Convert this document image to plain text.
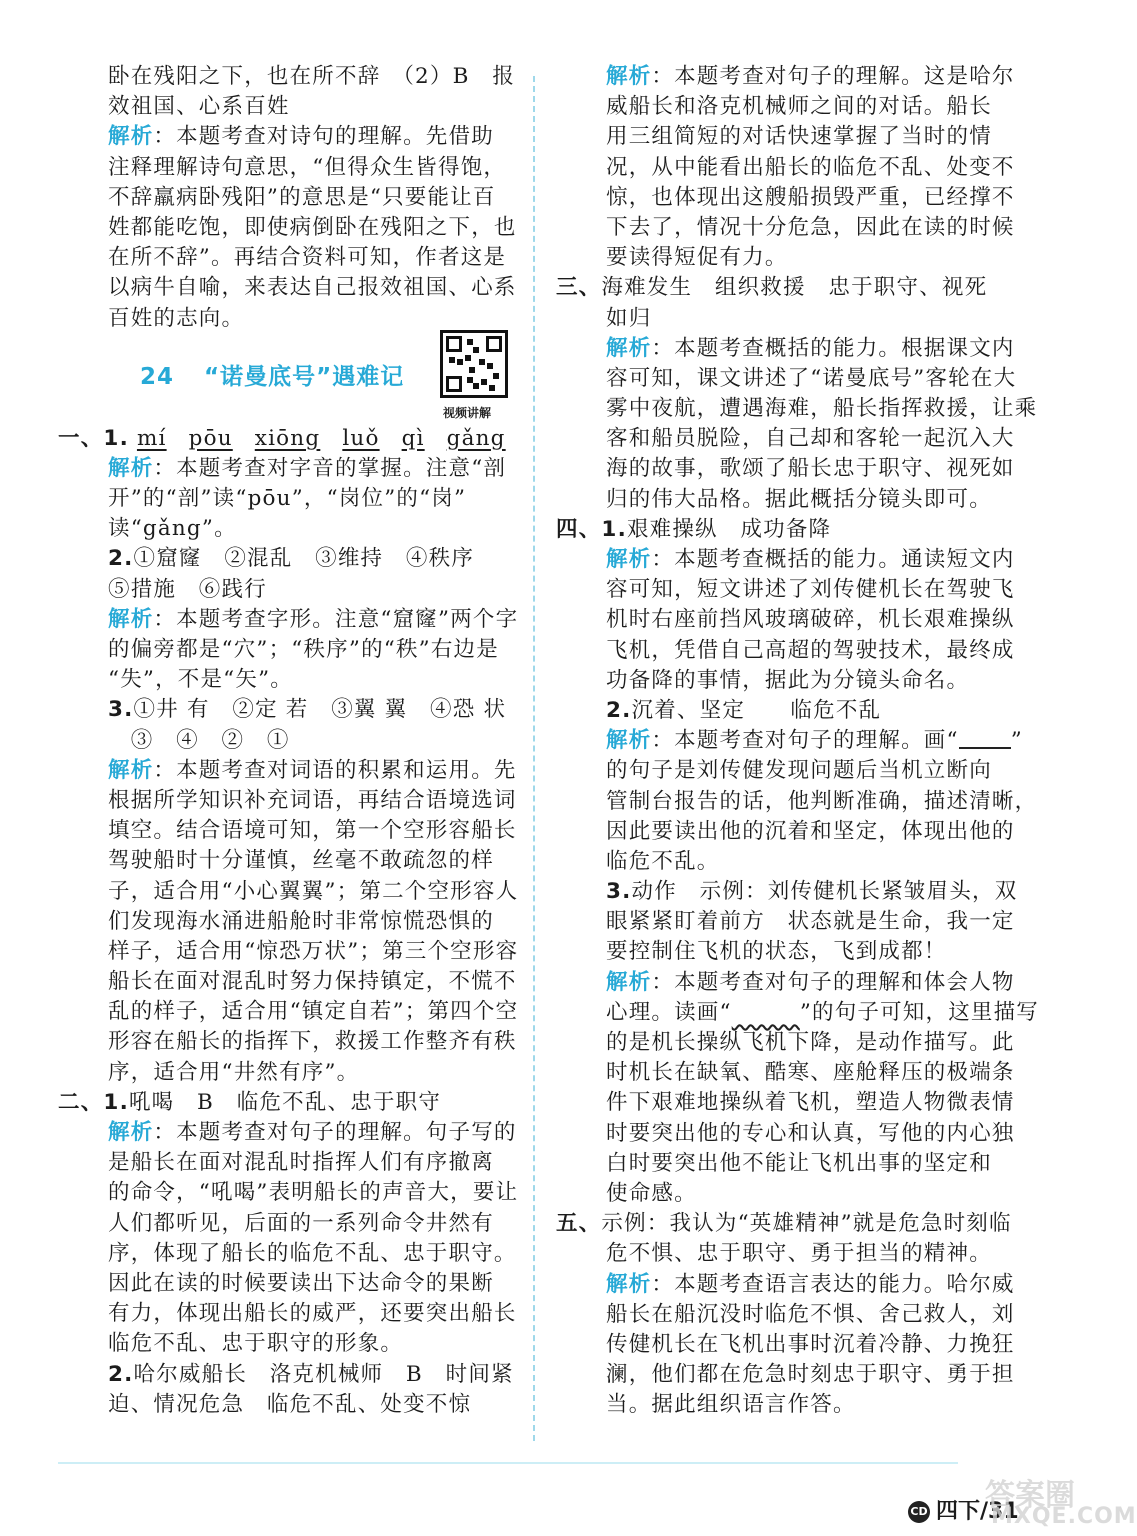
卧在残阳之下，也在所不辞　（2）B　报
效祖国、心系百姓
解析：本题考查对诗句的理解。先借助
注释理解诗句意思，“但得众生皆得饱，
不辞羸病卧残阳”的意思是“只要能让百
姓都能吃饱，即使病倒卧在残阳之下，也
在所不辞”。再结合资料可知，作者这是
以病牛自喻，来表达自己报效祖国、心系
百姓的志向。
24 “诺曼底号”遇难记
视频讲解
一、1. mí pōu xiōng luǒ qì gǎng
解析：本题考查对字音的掌握。注意“剖
开”的“剖”读“pōu”，“岗位”的“岗”
读“gǎng”。
2.①窟窿　②混乱　③维持　④秩序
⑤措施　⑥践行
解析：本题考查字形。注意“窟窿”两个字
的偏旁都是“穴”；“秩序”的“秩”右边是
“失”，不是“矢”。
3.①井 有　②定 若　③翼 翼　④恐 状
　③　④　②　①
解析：本题考查对词语的积累和运用。先
根据所学知识补充词语，再结合语境选词
填空。结合语境可知，第一个空形容船长
驾驶船时十分谨慎，丝毫不敢疏忽的样
子，适合用“小心翼翼”；第二个空形容人
们发现海水涌进船舱时非常惊慌恐惧的
样子，适合用“惊恐万状”；第三个空形容
船长在面对混乱时努力保持镇定，不慌不
乱的样子，适合用“镇定自若”；第四个空
形容在船长的指挥下，救援工作整齐有秩
序，适合用“井然有序”。
二、1.吼喝　B　临危不乱、忠于职守
解析：本题考查对句子的理解。句子写的
是船长在面对混乱时指挥人们有序撤离
的命令，“吼喝”表明船长的声音大，要让
人们都听见，后面的一系列命令井然有
序，体现了船长的临危不乱、忠于职守。
因此在读的时候要读出下达命令的果断
有力，体现出船长的威严，还要突出船长
临危不乱、忠于职守的形象。
2.哈尔威船长　洛克机械师　B　时间紧
迫、情况危急　临危不乱、处变不惊
解析：本题考查对句子的理解。这是哈尔
威船长和洛克机械师之间的对话。船长
用三组简短的对话快速掌握了当时的情
况，从中能看出船长的临危不乱、处变不
惊，也体现出这艘船损毁严重，已经撑不
下去了，情况十分危急，因此在读的时候
要读得短促有力。
三、海难发生　组织救援　忠于职守、视死
如归
解析：本题考查概括的能力。根据课文内
容可知，课文讲述了“诺曼底号”客轮在大
雾中夜航，遭遇海难，船长指挥救援，让乘
客和船员脱险，自己却和客轮一起沉入大
海的故事，歌颂了船长忠于职守、视死如
归的伟大品格。据此概括分镜头即可。
四、1.艰难操纵　成功备降
解析：本题考查概括的能力。通读短文内
容可知，短文讲述了刘传健机长在驾驶飞
机时右座前挡风玻璃破碎，机长艰难操纵
飞机，凭借自己高超的驾驶技术，最终成
功备降的事情，据此为分镜头命名。
2.沉着、坚定　　临危不乱
解析：本题考查对句子的理解。画“ ”
的句子是刘传健发现问题后当机立断向
管制台报告的话，他判断准确，描述清晰，
因此要读出他的沉着和坚定，体现出他的
临危不乱。
3.动作　示例：刘传健机长紧皱眉头，双
眼紧紧盯着前方　状态就是生命，我一定
要控制住飞机的状态，飞到成都！
解析：本题考查对句子的理解和体会人物
心理。读画“　　　	”的句子可知，这里描写
的是机长操纵飞机下降，是动作描写。此
时机长在缺氧、酷寒、座舱释压的极端条
件下艰难地操纵着飞机，塑造人物微表情
时要突出他的专心和认真，写他的内心独
白时要突出他不能让飞机出事的坚定和
使命感。
五、示例：我认为“英雄精神”就是危急时刻临
危不惧、忠于职守、勇于担当的精神。
解析：本题考查语言表达的能力。哈尔威
船长在船沉没时临危不惧、舍己救人，刘
传健机长在飞机出事时沉着冷静、力挽狂
澜，他们都在危急时刻忠于职守、勇于担
当。据此组织语言作答。
CD 四下/31
答案圈
MXQE.COM
